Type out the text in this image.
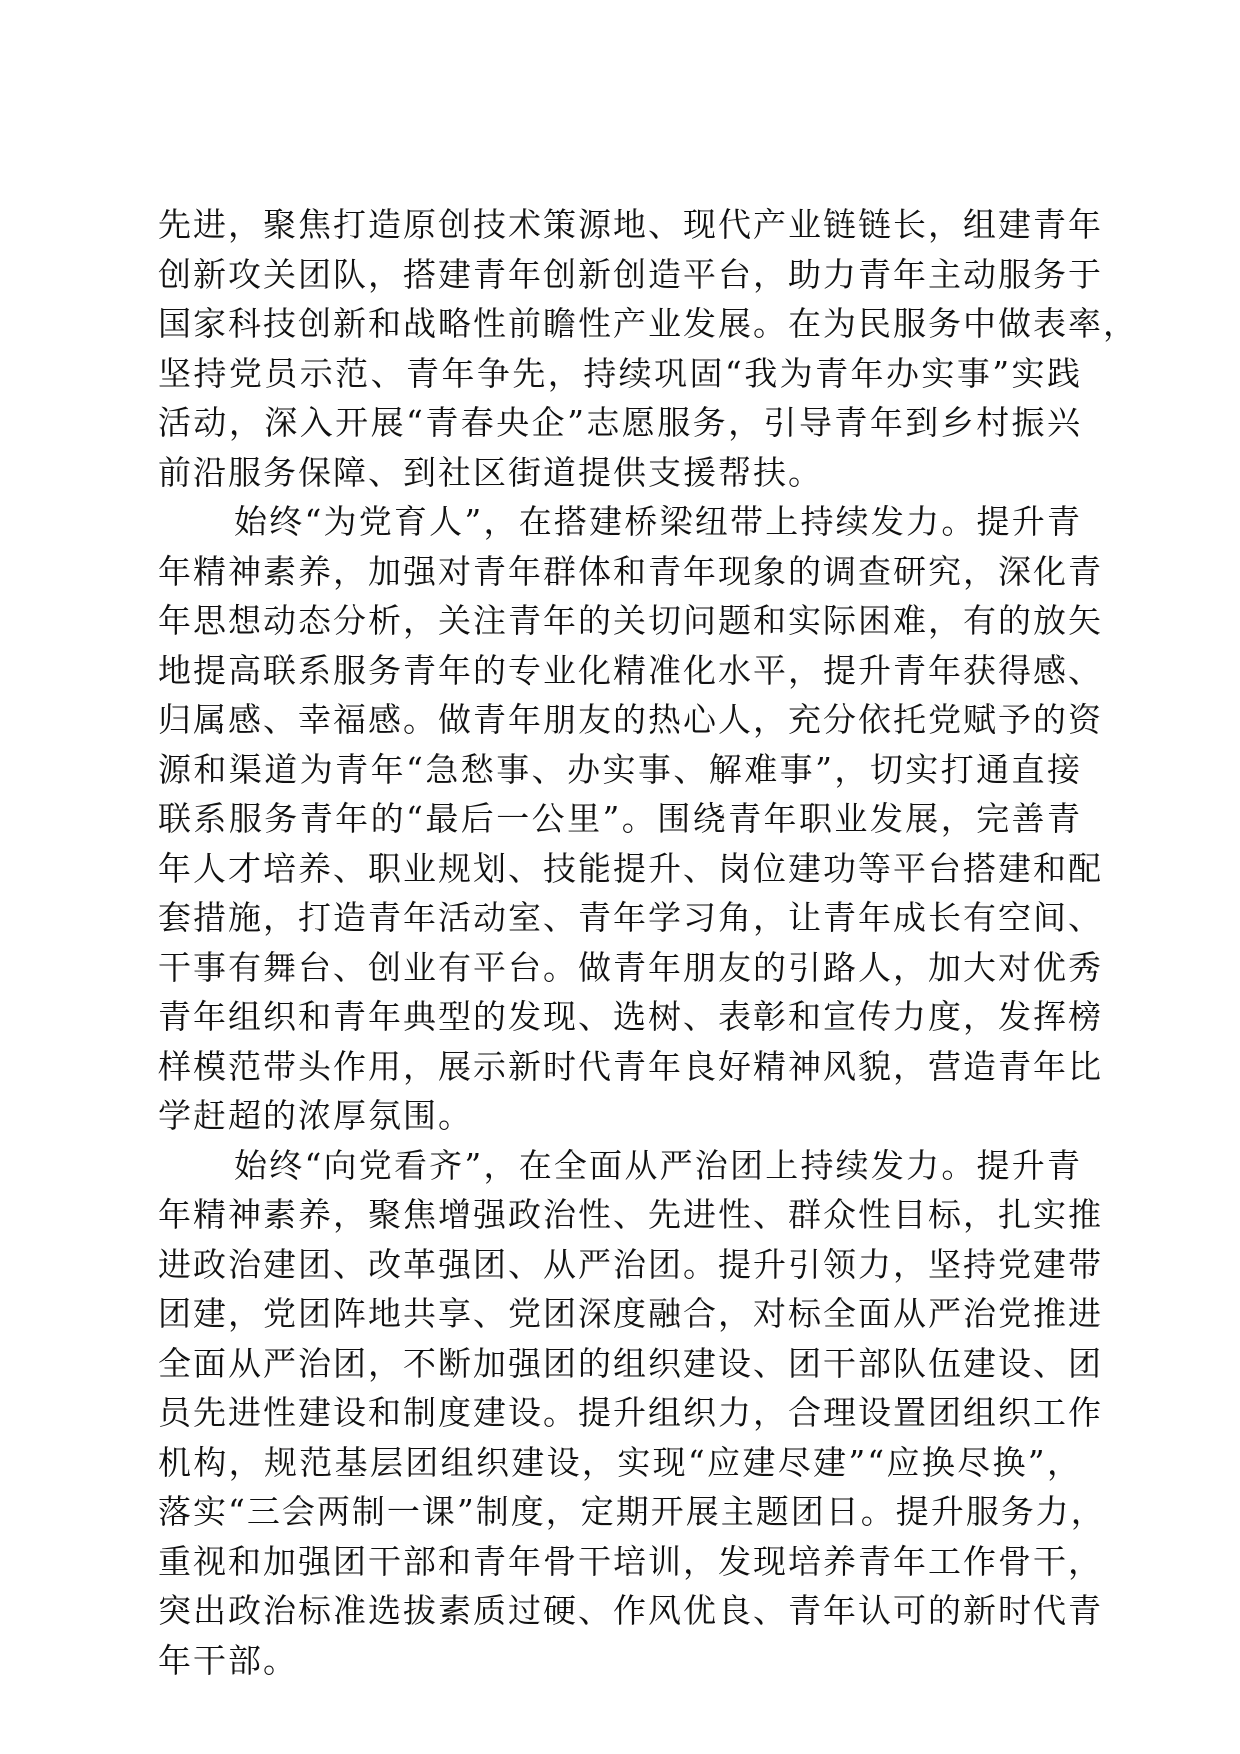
先进，聚焦打造原创技术策源地、现代产业链链长，组建青年
创新攻关团队，搭建青年创新创造平台，助力青年主动服务于
国家科技创新和战略性前瞻性产业发展。在为民服务中做表率，
坚持党员示范、青年争先，持续巩固“我为青年办实事”实践
活动，深入开展“青春央企”志愿服务，引导青年到乡村振兴
前沿服务保障、到社区街道提供支援帮扶。
始终“为党育人”，在搭建桥梁纽带上持续发力。提升青
年精神素养，加强对青年群体和青年现象的调查研究，深化青
年思想动态分析，关注青年的关切问题和实际困难，有的放矢
地提高联系服务青年的专业化精准化水平，提升青年获得感、
归属感、幸福感。做青年朋友的热心人，充分依托党赋予的资
源和渠道为青年“急愁事、办实事、解难事”，切实打通直接
联系服务青年的“最后一公里”。围绕青年职业发展，完善青
年人才培养、职业规划、技能提升、岗位建功等平台搭建和配
套措施，打造青年活动室、青年学习角，让青年成长有空间、
干事有舞台、创业有平台。做青年朋友的引路人，加大对优秀
青年组织和青年典型的发现、选树、表彰和宣传力度，发挥榜
样模范带头作用，展示新时代青年良好精神风貌，营造青年比
学赶超的浓厚氛围。
始终“向党看齐”，在全面从严治团上持续发力。提升青
年精神素养，聚焦增强政治性、先进性、群众性目标，扎实推
进政治建团、改革强团、从严治团。提升引领力，坚持党建带
团建，党团阵地共享、党团深度融合，对标全面从严治党推进
全面从严治团，不断加强团的组织建设、团干部队伍建设、团
员先进性建设和制度建设。提升组织力，合理设置团组织工作
机构，规范基层团组织建设，实现“应建尽建”“应换尽换”，
落实“三会两制一课”制度，定期开展主题团日。提升服务力，
重视和加强团干部和青年骨干培训，发现培养青年工作骨干，
突出政治标准选拔素质过硬、作风优良、青年认可的新时代青
年干部。
